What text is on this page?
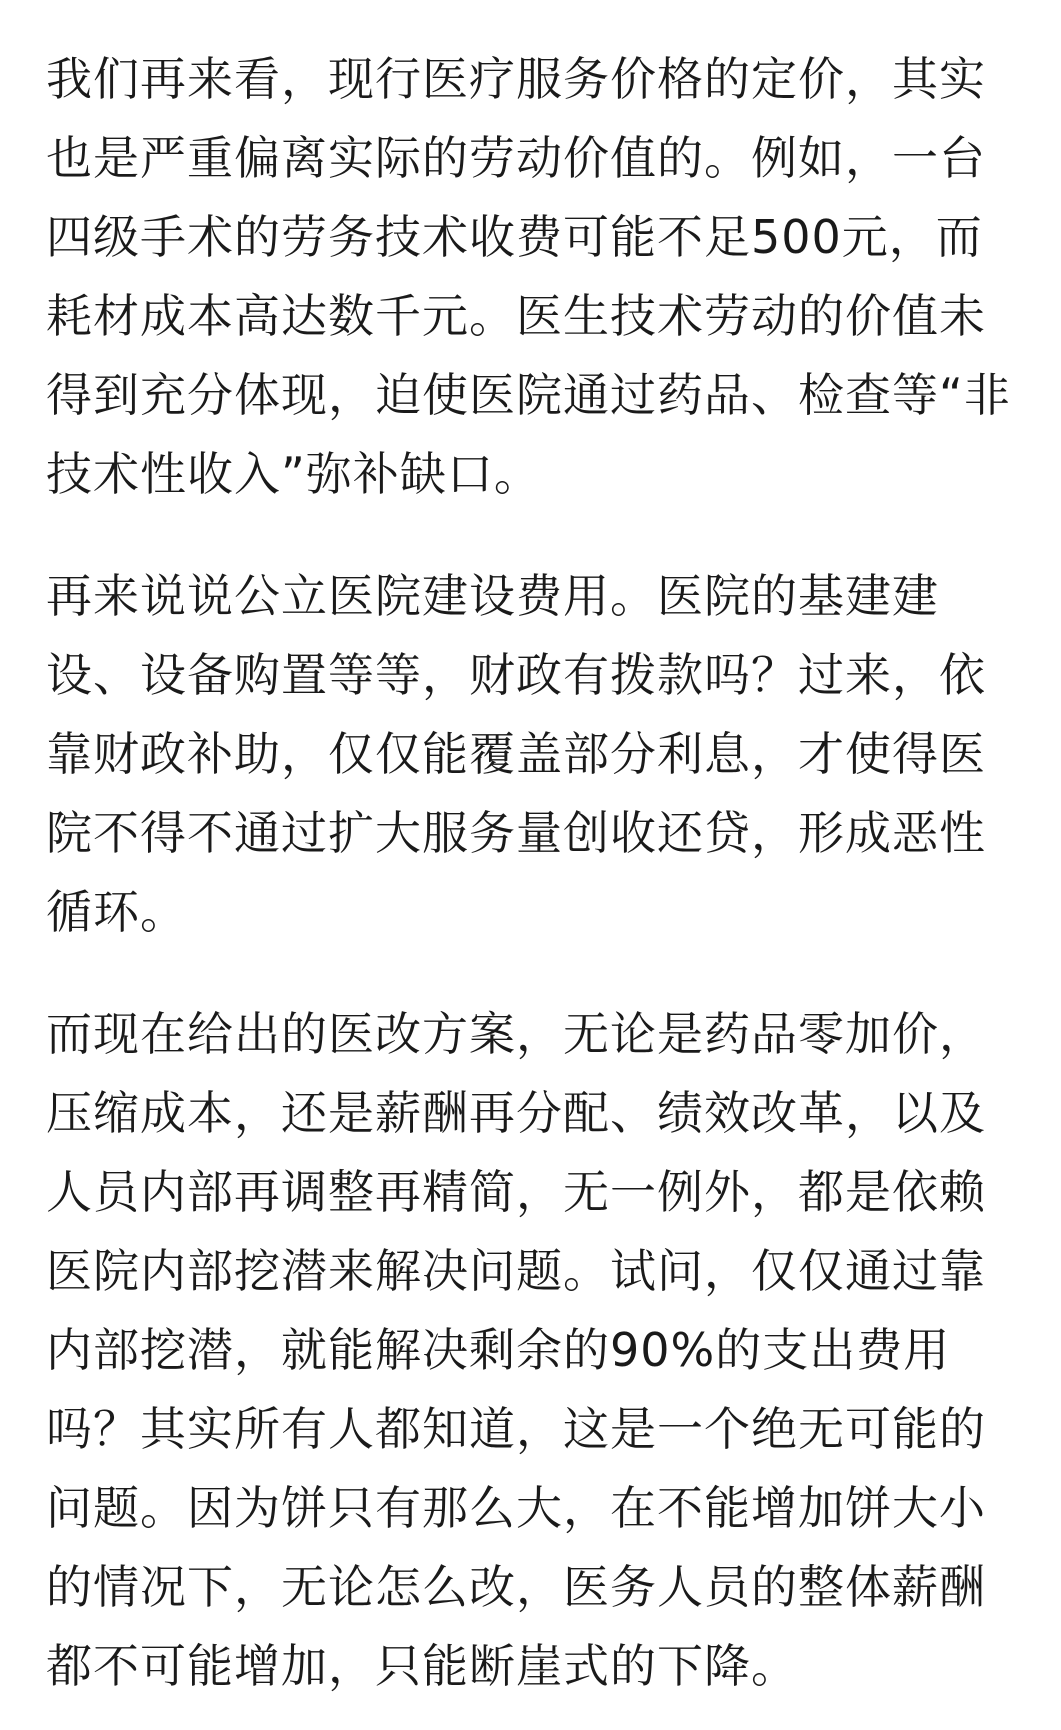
我们再来看，现行医疗服务价格的定价，其实
也是严重偏离实际的劳动价值的。例如，一台
四级手术的劳务技术收费可能不足500元，而
耗材成本高达数千元。医生技术劳动的价值未
得到充分体现，迫使医院通过药品、检查等“非
技术性收入”弥补缺口。

再来说说公立医院建设费用。医院的基建建
设、设备购置等等，财政有拨款吗？过来，依
靠财政补助，仅仅能覆盖部分利息，才使得医
院不得不通过扩大服务量创收还贷，形成恶性
循环。

而现在给出的医改方案，无论是药品零加价，
压缩成本，还是薪酬再分配、绩效改革，以及
人员内部再调整再精简，无一例外，都是依赖
医院内部挖潜来解决问题。试问，仅仅通过靠
内部挖潜，就能解决剩余的90%的支出费用
吗？其实所有人都知道，这是一个绝无可能的
问题。因为饼只有那么大，在不能增加饼大小
的情况下，无论怎么改，医务人员的整体薪酬
都不可能增加，只能断崖式的下降。
